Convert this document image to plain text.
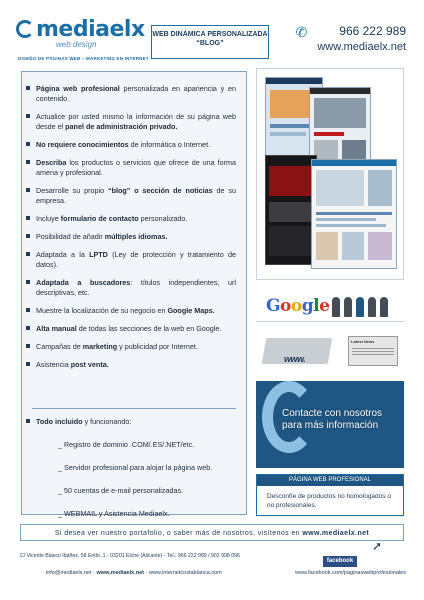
mediaelx
web design
DISEÑO DE PÁGINAS WEB – MARKETING EN INTERNET
WEB DINÁMICA PERSONALIZADA
“BLOG”
✆	966 222 989
www.mediaelx.net
Página web profesional personalizada en apariencia y en contenido.
Actualice por usted mismo la información de su página web desde el panel de administración privado.
No requiere conocimientos de informática o Internet.
Describa los productos o servicios que ofrece de una forma amena y profesional.
Desarrolle su propio “blog” o sección de noticias de su empresa.
Incluye formulario de contacto personalizado.
Posibilidad de añadir múltiples idiomas.
Adaptada a la LPTD (Ley de protección y tratamiento de datos).
Adaptada a buscadores: títulos independientes, url descriptivas, etc.
Muestre la localización de su negocio en Google Maps.
Alta manual de todas las secciones de la web en Google.
Campañas de marketing y publicidad por Internet.
Asistencia post venta.
Todo incluido y funcionando:
_ Registro de dominio .COM/.ES/.NET/etc.
_ Servidor profesional para alojar la página web.
_ 50 cuentas de e-mail personalizadas.
_ WEBMAIL y Asistencia Mediaelx.
Google
www.
Latest News
Contacte con nosotros
para más información
PÁGINA WEB PROFESIONAL
Desconfíe de productos no homologados o no profesionales.
Si desea ver nuestro portafolio, o saber más de nosotros, visítenos en www.mediaelx.net
➚
C/ Vicente Blasco Ibáñez, 58 Entlo. 1 - 03201 Elche (Alicante) - Tel.: 966 222 989 / 902 998 096
facebook
info@mediaelx.net · www.mediaelx.net · www.internetcostablanca.com	www.facebook.com/paginaswebprofesionales
